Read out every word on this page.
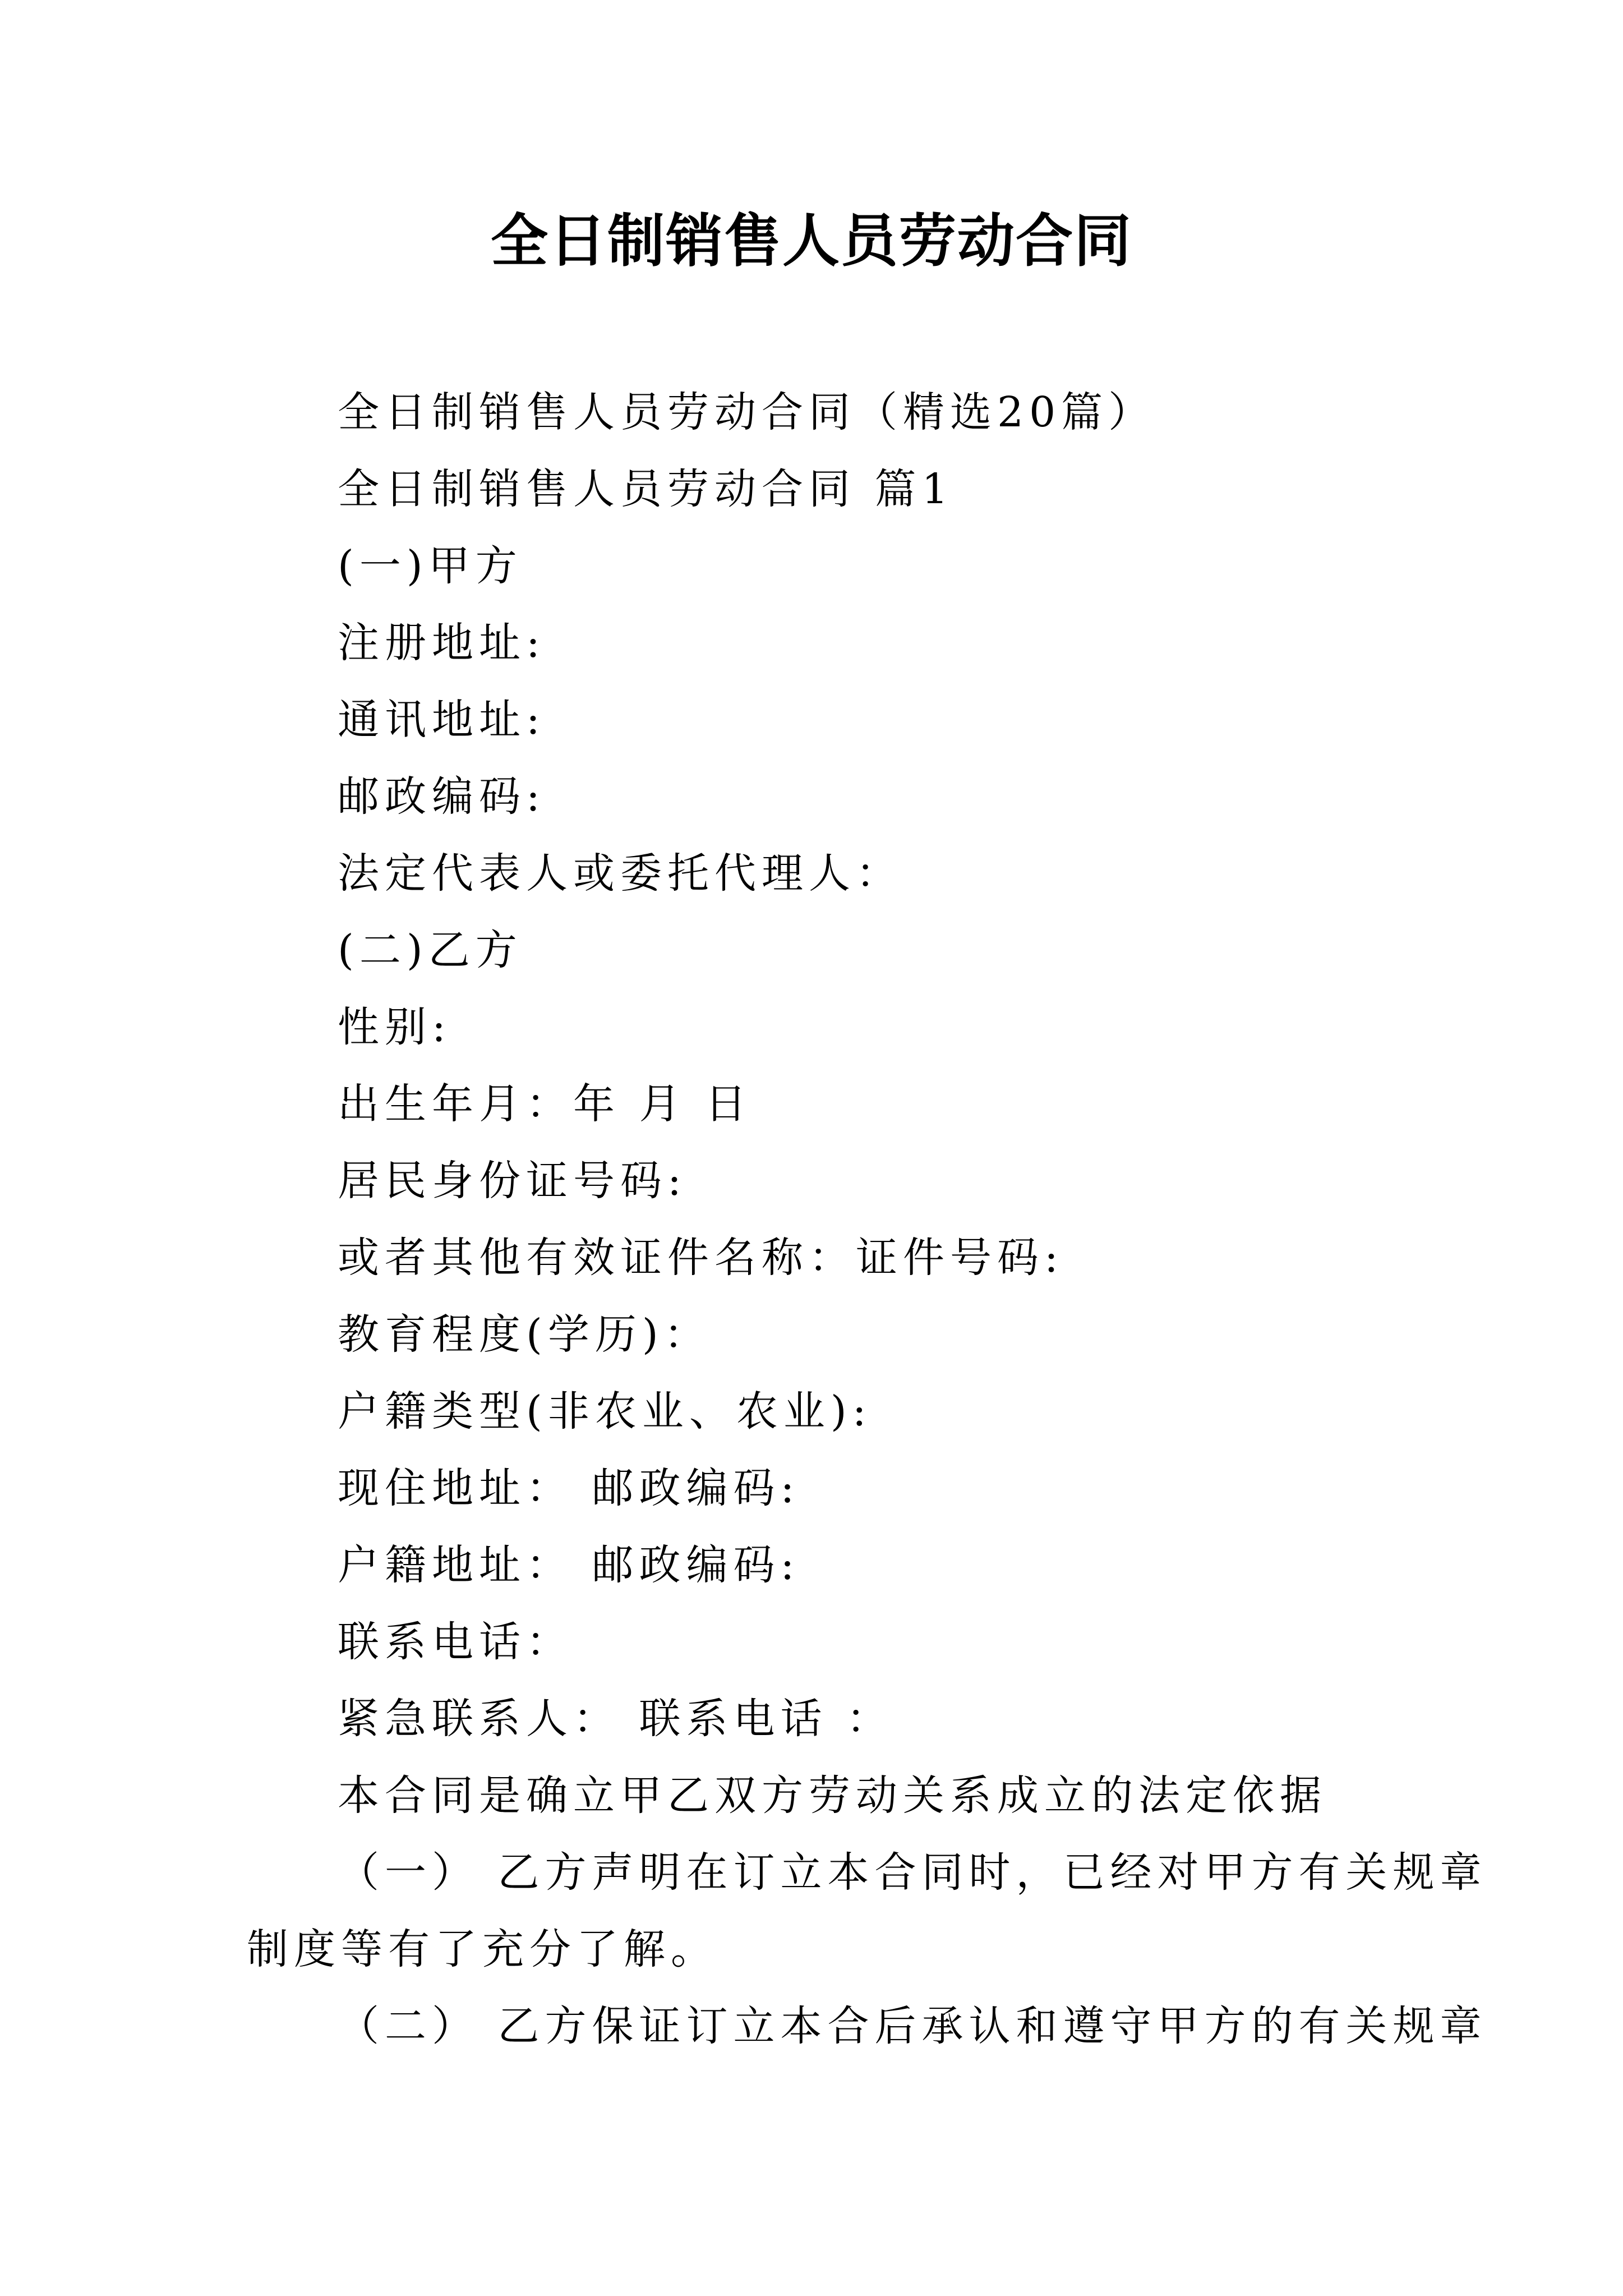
全日制销售人员劳动合同
全日制销售人员劳动合同（精选20篇）
全日制销售人员劳动合同 篇1
(一)甲方
注册地址:
通讯地址:
邮政编码:
法定代表人或委托代理人：
(二)乙方
性别:
出生年月：年 月 日
居民身份证号码:
或者其他有效证件名称：证件号码:
教育程度(学历)：
户籍类型(非农业、农业):
现住地址： 邮政编码:
户籍地址： 邮政编码:
联系电话：
紧急联系人： 联系电话 ：
本合同是确立甲乙双方劳动关系成立的法定依据
（一） 乙方声明在订立本合同时，已经对甲方有关规章
制度等有了充分了解。
（二） 乙方保证订立本合后承认和遵守甲方的有关规章
